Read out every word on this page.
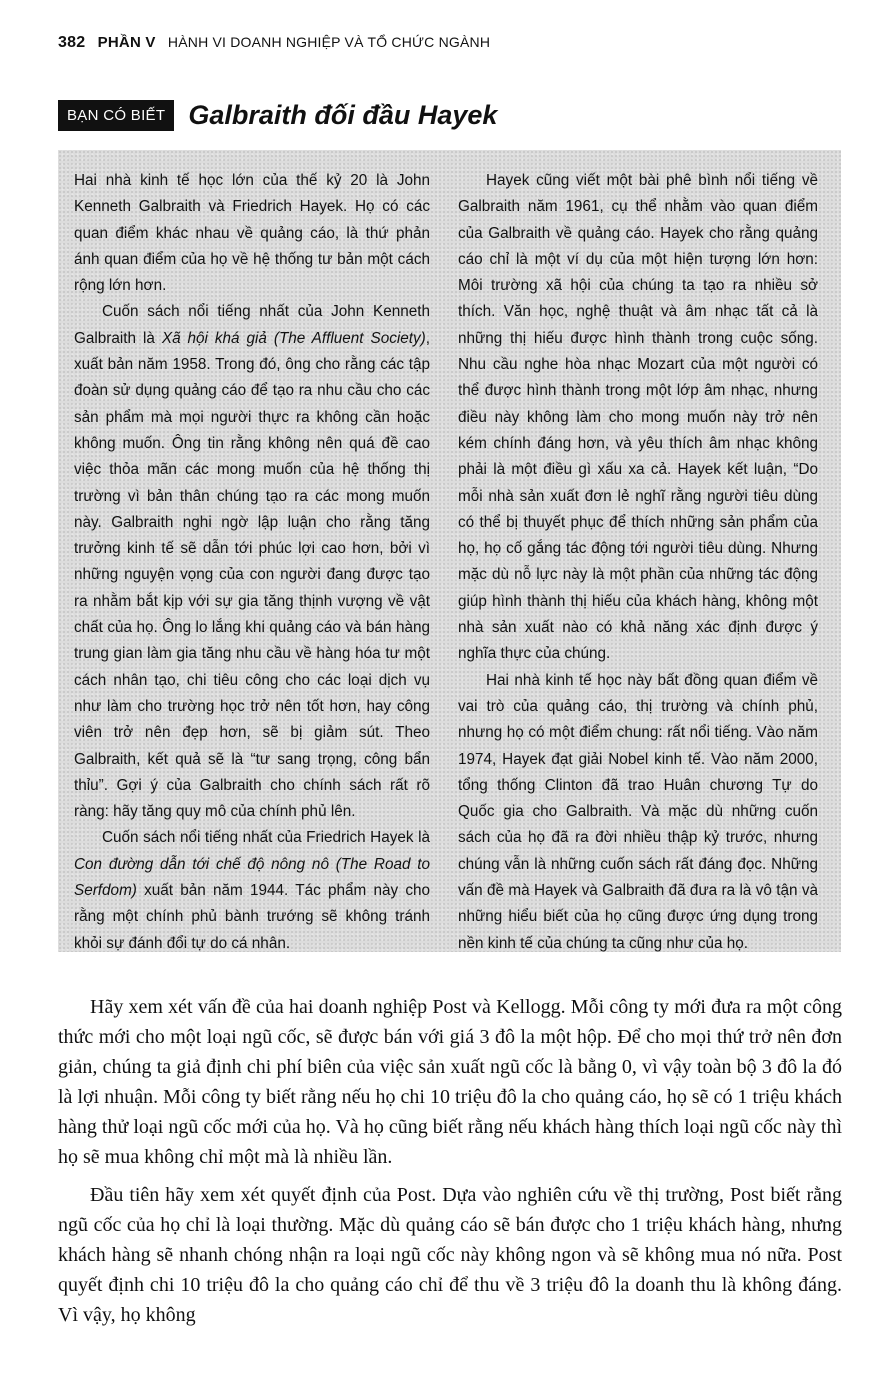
382 PHẦN V HÀNH VI DOANH NGHIỆP VÀ TỔ CHỨC NGÀNH
BẠN CÓ BIẾT Galbraith đối đầu Hayek

Hai nhà kinh tế học lớn của thế kỷ 20 là John Kenneth Galbraith và Friedrich Hayek. Họ có các quan điểm khác nhau về quảng cáo, là thứ phản ánh quan điểm của họ về hệ thống tư bản một cách rộng lớn hơn.

Cuốn sách nổi tiếng nhất của John Kenneth Galbraith là Xã hội khá giả (The Affluent Society), xuất bản năm 1958. Trong đó, ông cho rằng các tập đoàn sử dụng quảng cáo để tạo ra nhu cầu cho các sản phẩm mà mọi người thực ra không cần hoặc không muốn. Ông tin rằng không nên quá đề cao việc thỏa mãn các mong muốn của hệ thống thị trường vì bản thân chúng tạo ra các mong muốn này. Galbraith nghi ngờ lập luận cho rằng tăng trưởng kinh tế sẽ dẫn tới phúc lợi cao hơn, bởi vì những nguyện vọng của con người đang được tạo ra nhằm bắt kịp với sự gia tăng thịnh vượng về vật chất của họ. Ông lo lắng khi quảng cáo và bán hàng trung gian làm gia tăng nhu cầu về hàng hóa tư một cách nhân tạo, chi tiêu công cho các loại dịch vụ như làm cho trường học trở nên tốt hơn, hay công viên trở nên đẹp hơn, sẽ bị giảm sút. Theo Galbraith, kết quả sẽ là “tư sang trọng, công bẩn thỉu”. Gợi ý của Galbraith cho chính sách rất rõ ràng: hãy tăng quy mô của chính phủ lên.

Cuốn sách nổi tiếng nhất của Friedrich Hayek là Con đường dẫn tới chế độ nông nô (The Road to Serfdom) xuất bản năm 1944. Tác phẩm này cho rằng một chính phủ bành trướng sẽ không tránh khỏi sự đánh đổi tự do cá nhân.

Hayek cũng viết một bài phê bình nổi tiếng về Galbraith năm 1961, cụ thể nhằm vào quan điểm của Galbraith về quảng cáo. Hayek cho rằng quảng cáo chỉ là một ví dụ của một hiện tượng lớn hơn: Môi trường xã hội của chúng ta tạo ra nhiều sở thích. Văn học, nghệ thuật và âm nhạc tất cả là những thị hiếu được hình thành trong cuộc sống. Nhu cầu nghe hòa nhạc Mozart của một người có thể được hình thành trong một lớp âm nhạc, nhưng điều này không làm cho mong muốn này trở nên kém chính đáng hơn, và yêu thích âm nhạc không phải là một điều gì xấu xa cả. Hayek kết luận, “Do mỗi nhà sản xuất đơn lẻ nghĩ rằng người tiêu dùng có thể bị thuyết phục để thích những sản phẩm của họ, họ cố gắng tác động tới người tiêu dùng. Nhưng mặc dù nỗ lực này là một phần của những tác động giúp hình thành thị hiếu của khách hàng, không một nhà sản xuất nào có khả năng xác định được ý nghĩa thực của chúng.

Hai nhà kinh tế học này bất đồng quan điểm về vai trò của quảng cáo, thị trường và chính phủ, nhưng họ có một điểm chung: rất nổi tiếng. Vào năm 1974, Hayek đạt giải Nobel kinh tế. Vào năm 2000, tổng thống Clinton đã trao Huân chương Tự do Quốc gia cho Galbraith. Và mặc dù những cuốn sách của họ đã ra đời nhiều thập kỷ trước, nhưng chúng vẫn là những cuốn sách rất đáng đọc. Những vấn đề mà Hayek và Galbraith đã đưa ra là vô tận và những hiểu biết của họ cũng được ứng dụng trong nền kinh tế của chúng ta cũng như của họ.

Hãy xem xét vấn đề của hai doanh nghiệp Post và Kellogg. Mỗi công ty mới đưa ra một công thức mới cho một loại ngũ cốc, sẽ được bán với giá 3 đô la một hộp. Để cho mọi thứ trở nên đơn giản, chúng ta giả định chi phí biên của việc sản xuất ngũ cốc là bằng 0, vì vậy toàn bộ 3 đô la đó là lợi nhuận. Mỗi công ty biết rằng nếu họ chi 10 triệu đô la cho quảng cáo, họ sẽ có 1 triệu khách hàng thử loại ngũ cốc mới của họ. Và họ cũng biết rằng nếu khách hàng thích loại ngũ cốc này thì họ sẽ mua không chỉ một mà là nhiều lần.

Đầu tiên hãy xem xét quyết định của Post. Dựa vào nghiên cứu về thị trường, Post biết rằng ngũ cốc của họ chỉ là loại thường. Mặc dù quảng cáo sẽ bán được cho 1 triệu khách hàng, nhưng khách hàng sẽ nhanh chóng nhận ra loại ngũ cốc này không ngon và sẽ không mua nó nữa. Post quyết định chi 10 triệu đô la cho quảng cáo chỉ để thu về 3 triệu đô la doanh thu là không đáng. Vì vậy, họ không
